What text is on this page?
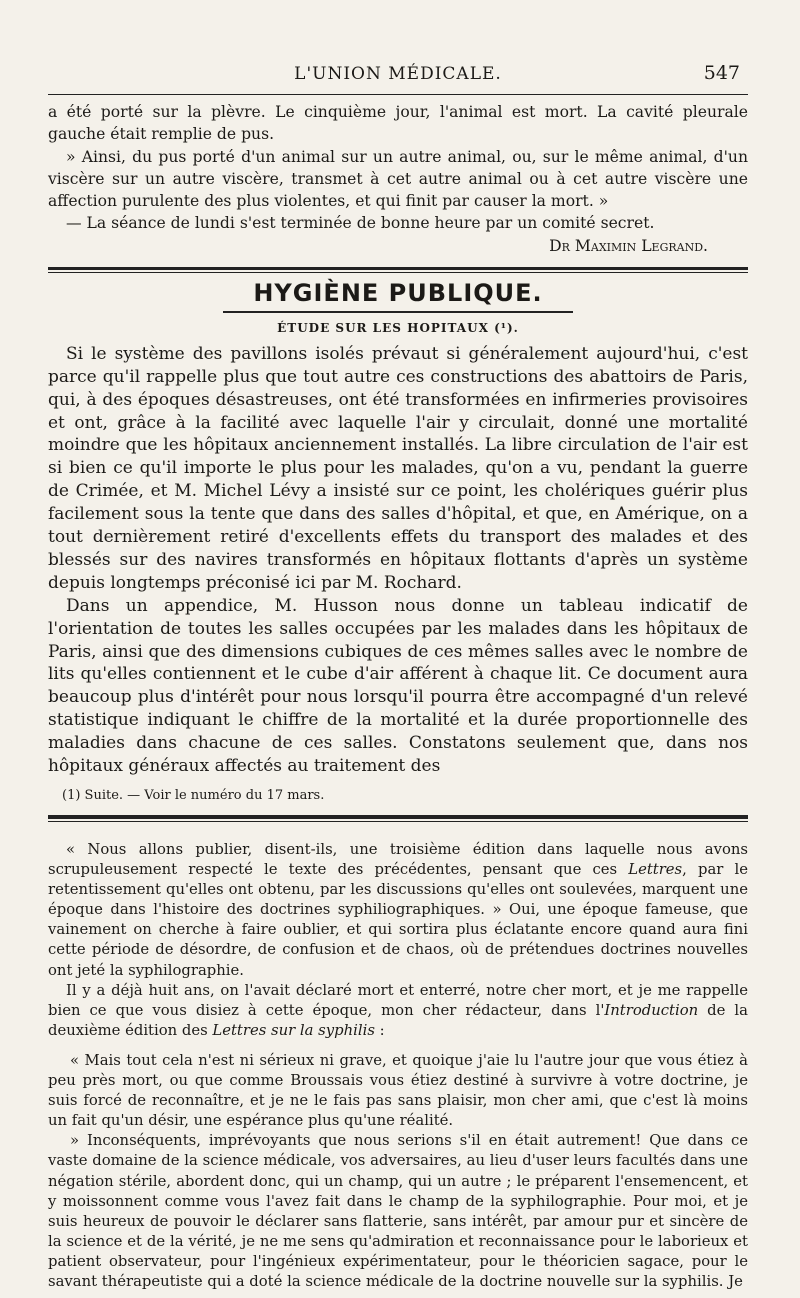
L'UNION MÉDICALE.	547

a été porté sur la plèvre. Le cinquième jour, l'animal est mort. La cavité pleurale gauche était remplie de pus.

» Ainsi, du pus porté d'un animal sur un autre animal, ou, sur le même animal, d'un viscère sur un autre viscère, transmet à cet autre animal ou à cet autre viscère une affection purulente des plus violentes, et qui finit par causer la mort. »

— La séance de lundi s'est terminée de bonne heure par un comité secret.

Dr Maximin Legrand.
HYGIÈNE PUBLIQUE.
ÉTUDE SUR LES HOPITAUX (¹).

Si le système des pavillons isolés prévaut si généralement aujourd'hui, c'est parce qu'il rappelle plus que tout autre ces constructions des abattoirs de Paris, qui, à des époques désastreuses, ont été transformées en infirmeries provisoires et ont, grâce à la facilité avec laquelle l'air y circulait, donné une mortalité moindre que les hôpitaux anciennement installés. La libre circulation de l'air est si bien ce qu'il importe le plus pour les malades, qu'on a vu, pendant la guerre de Crimée, et M. Michel Lévy a insisté sur ce point, les cholériques guérir plus facilement sous la tente que dans des salles d'hôpital, et que, en Amérique, on a tout dernièrement retiré d'excellents effets du transport des malades et des blessés sur des navires transformés en hôpitaux flottants d'après un système depuis longtemps préconisé ici par M. Rochard.

Dans un appendice, M. Husson nous donne un tableau indicatif de l'orientation de toutes les salles occupées par les malades dans les hôpitaux de Paris, ainsi que des dimensions cubiques de ces mêmes salles avec le nombre de lits qu'elles contiennent et le cube d'air afférent à chaque lit. Ce document aura beaucoup plus d'intérêt pour nous lorsqu'il pourra être accompagné d'un relevé statistique indiquant le chiffre de la mortalité et la durée proportionnelle des maladies dans chacune de ces salles. Constatons seulement que, dans nos hôpitaux généraux affectés au traitement des

(1) Suite. — Voir le numéro du 17 mars.

« Nous allons publier, disent-ils, une troisième édition dans laquelle nous avons scrupuleusement respecté le texte des précédentes, pensant que ces Lettres, par le retentissement qu'elles ont obtenu, par les discussions qu'elles ont soulevées, marquent une époque dans l'histoire des doctrines syphiliographiques. » Oui, une époque fameuse, que vainement on cherche à faire oublier, et qui sortira plus éclatante encore quand aura fini cette période de désordre, de confusion et de chaos, où de prétendues doctrines nouvelles ont jeté la syphilographie.

Il y a déjà huit ans, on l'avait déclaré mort et enterré, notre cher mort, et je me rappelle bien ce que vous disiez à cette époque, mon cher rédacteur, dans l'Introduction de la deuxième édition des Lettres sur la syphilis :

« Mais tout cela n'est ni sérieux ni grave, et quoique j'aie lu l'autre jour que vous étiez à peu près mort, ou que comme Broussais vous étiez destiné à survivre à votre doctrine, je suis forcé de reconnaître, et je ne le fais pas sans plaisir, mon cher ami, que c'est là moins un fait qu'un désir, une espérance plus qu'une réalité.

» Inconséquents, imprévoyants que nous serions s'il en était autrement! Que dans ce vaste domaine de la science médicale, vos adversaires, au lieu d'user leurs facultés dans une négation stérile, abordent donc, qui un champ, qui un autre ; le préparent l'ensemencent, et y moissonnent comme vous l'avez fait dans le champ de la syphilographie. Pour moi, et je suis heureux de pouvoir le déclarer sans flatterie, sans intérêt, par amour pur et sincère de la science et de la vérité, je ne me sens qu'admiration et reconnaissance pour le laborieux et patient observateur, pour l'ingénieux expérimentateur, pour le théoricien sagace, pour le savant thérapeutiste qui a doté la science médicale de la doctrine nouvelle sur la syphilis. Je
